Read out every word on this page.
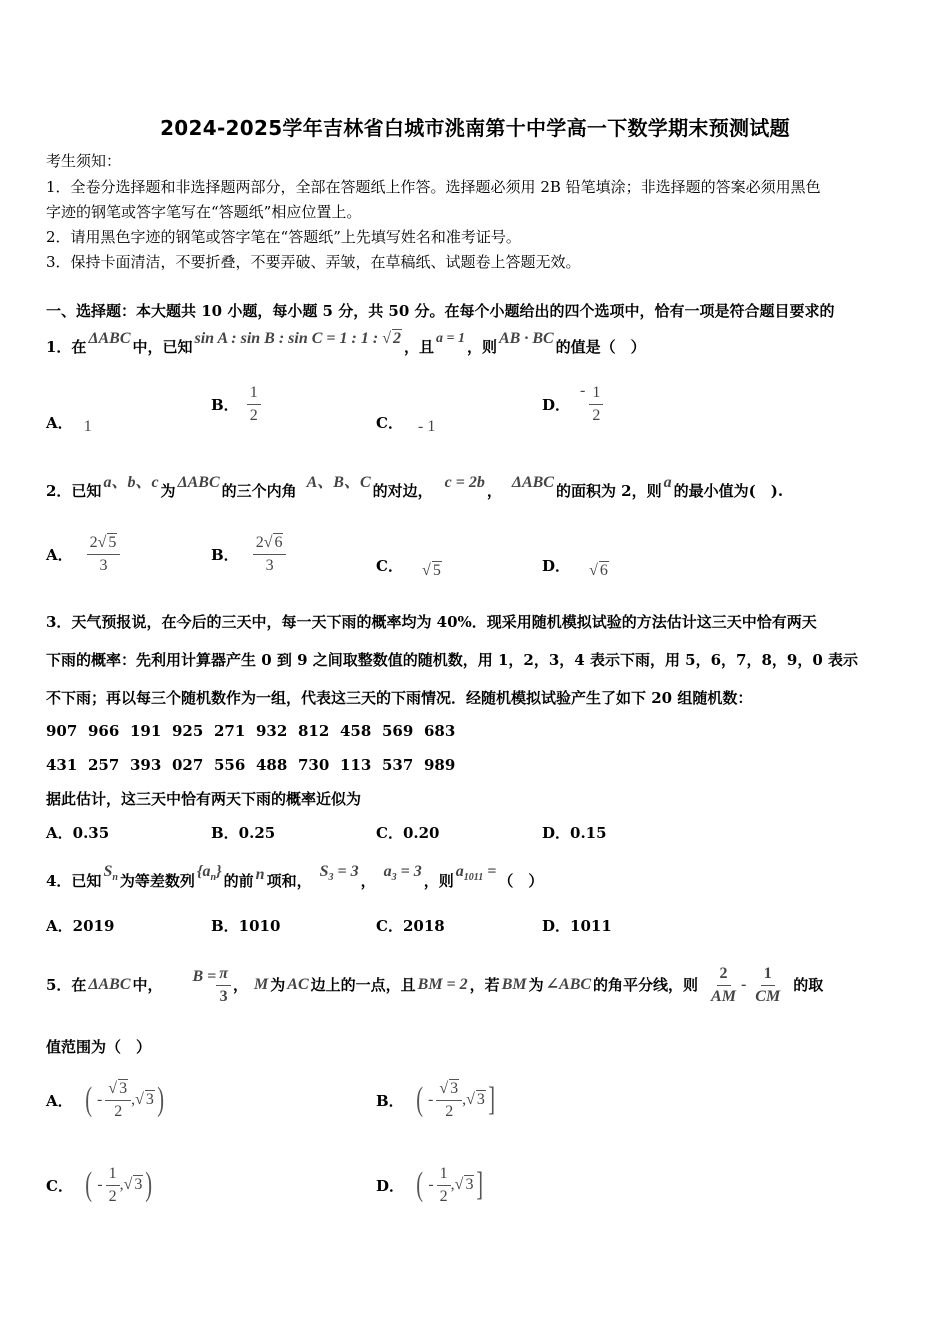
2024-2025学年吉林省白城市洮南第十中学高一下数学期末预测试题
考生须知：
1．全卷分选择题和非选择题两部分，全部在答题纸上作答。选择题必须用 2B 铅笔填涂；非选择题的答案必须用黑色
字迹的钢笔或答字笔写在“答题纸”相应位置上。
2．请用黑色字迹的钢笔或答字笔在“答题纸”上先填写姓名和准考证号。
3．保持卡面清洁，不要折叠，不要弄破、弄皱，在草稿纸、试题卷上答题无效。
一、选择题：本大题共 10 小题，每小题 5 分，共 50 分。在每个小题给出的四个选项中，恰有一项是符合题目要求的
1．在 ΔABC 中，已知 sin A : sin B : sin C = 1 : 1 : √ 2 ，且 a = 1 ，则 AB · BC 的值是（　）
A． 1
B． $\frac{1}{2}$	C． - 1
D．
- $\frac{1}{2}$
2．已知 a、b、c 为 ΔABC 的三个内角 A、B、C 的对边， c = 2b ， ΔABC 的面积为 2，则 a 的最小值为(　).
A． $\frac{2√ 5}{3}$	B． $\frac{2√ 6}{3}$	C． √ 5	D． √ 6
3．天气预报说，在今后的三天中，每一天下雨的概率均为 40%．现采用随机模拟试验的方法估计这三天中恰有两天
下雨的概率：先利用计算器产生 0 到 9 之间取整数值的随机数，用 1，2，3，4 表示下雨，用 5，6，7，8，9，0 表示
不下雨；再以每三个随机数作为一组，代表这三天的下雨情况．经随机模拟试验产生了如下 20 组随机数：
907 966 191 925 271 932 812 458 569 683
431 257 393 027 556 488 730 113 537 989
据此估计，这三天中恰有两天下雨的概率近似为
A．0.35	B．0.25	C．0.20	D．0.15
4．已知
$S_n$ 为等差数列
$\{a_n\}$
的前 n 项和，
$S_3 = 3$
，
$a_3 = 3$
，则
$a_{1011}$ =
（　）
A．2019	B．1010	C．2018	D．1011
5．在 ΔABC 中， $B = \frac{\pi}{3}$ ， M 为 AC 边上的一点，且 BM = 2 ，若 BM 为 ∠ABC 的角平分线，则 $\frac{2}{AM} - \frac{1}{CM}$ 的取
值范围为（　）
A． ( - $\frac{√ 3}{2}$ , √ 3 )	B． ( - $\frac{√ 3}{2}$ , √ 3 ]
C． ( - $\frac{1}{2}$ , √ 3 )	D． ( - $\frac{1}{2}$ , √ 3 ]
